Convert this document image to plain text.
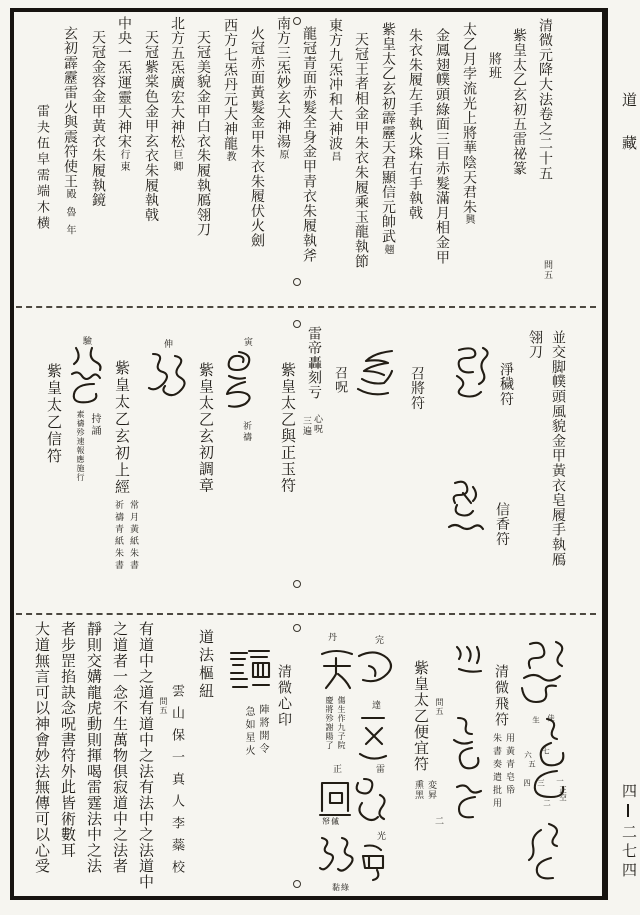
道藏
四
二七四
清微元降大法卷之二十五
紫皇太乙玄初五雷祕篆
問五
將班
太乙月孛流光上將華陰天君朱興
金鳳翅幞頭綠面三目赤髮滿月相金甲
朱衣朱履左手執火珠右手執戟
紫皇太乙玄初霹靂天君顯信元帥武翹
天冠王者相金甲朱衣朱履乘玉龍執節
東方九炁冲和大神波昌
龍冠青面赤髮全身金甲青衣朱履執斧
南方三炁妙玄大神湯原
火冠赤面黃髮金甲朱衣朱履伏火劍
西方七炁丹元大神龍教
天冠美貌金甲白衣朱履執鴈翎刀
北方五炁廣宏大神松巨卿
天冠紫棠色金甲玄衣朱履執戟
中央一炁運靈大神宋行東
天冠金容金甲黃衣朱履執鏡
玄初霹靂雷火與震符使王殿魯年
雷夬伍皁需端木横
並交脚幞頭風貌金甲黃衣皂履手執鴈
翎刀
淨穢符
信香符
召將符
召呪
雷帝轟刻亏
心呪
三遍
紫皇太乙與正玉符
寅
祈禱
紫皇太乙玄初調章
伸
紫皇太乙玄初上經
常月黃紙朱書
祈禱青紙朱書
驗
持誦
素禱殄速報應施行
紫皇太乙信符
清微飛符
用黃青皂帋
朱書奏遣批用
佳
生
七
六
五
四 三
二
一
正空
紫皇太乙便宜符 問五
変昪
熏黑
二
完
達
雷
光
丹
傷生作九子院
慶將殄謝陽了
正
帑傶
黏綠
清微心印
陣將開令
急如星火
道法樞紐
雲山保一真人李蘂校
問五
有道中之道有道中之法有法中之法道中
之道者一念不生萬物俱寂道中之法者
靜則交媾龍虎動則揮喝雷霆法中之法
者步罡掐訣念呪書符外此皆術數耳
大道無言可以神會妙法無傳可以心受
